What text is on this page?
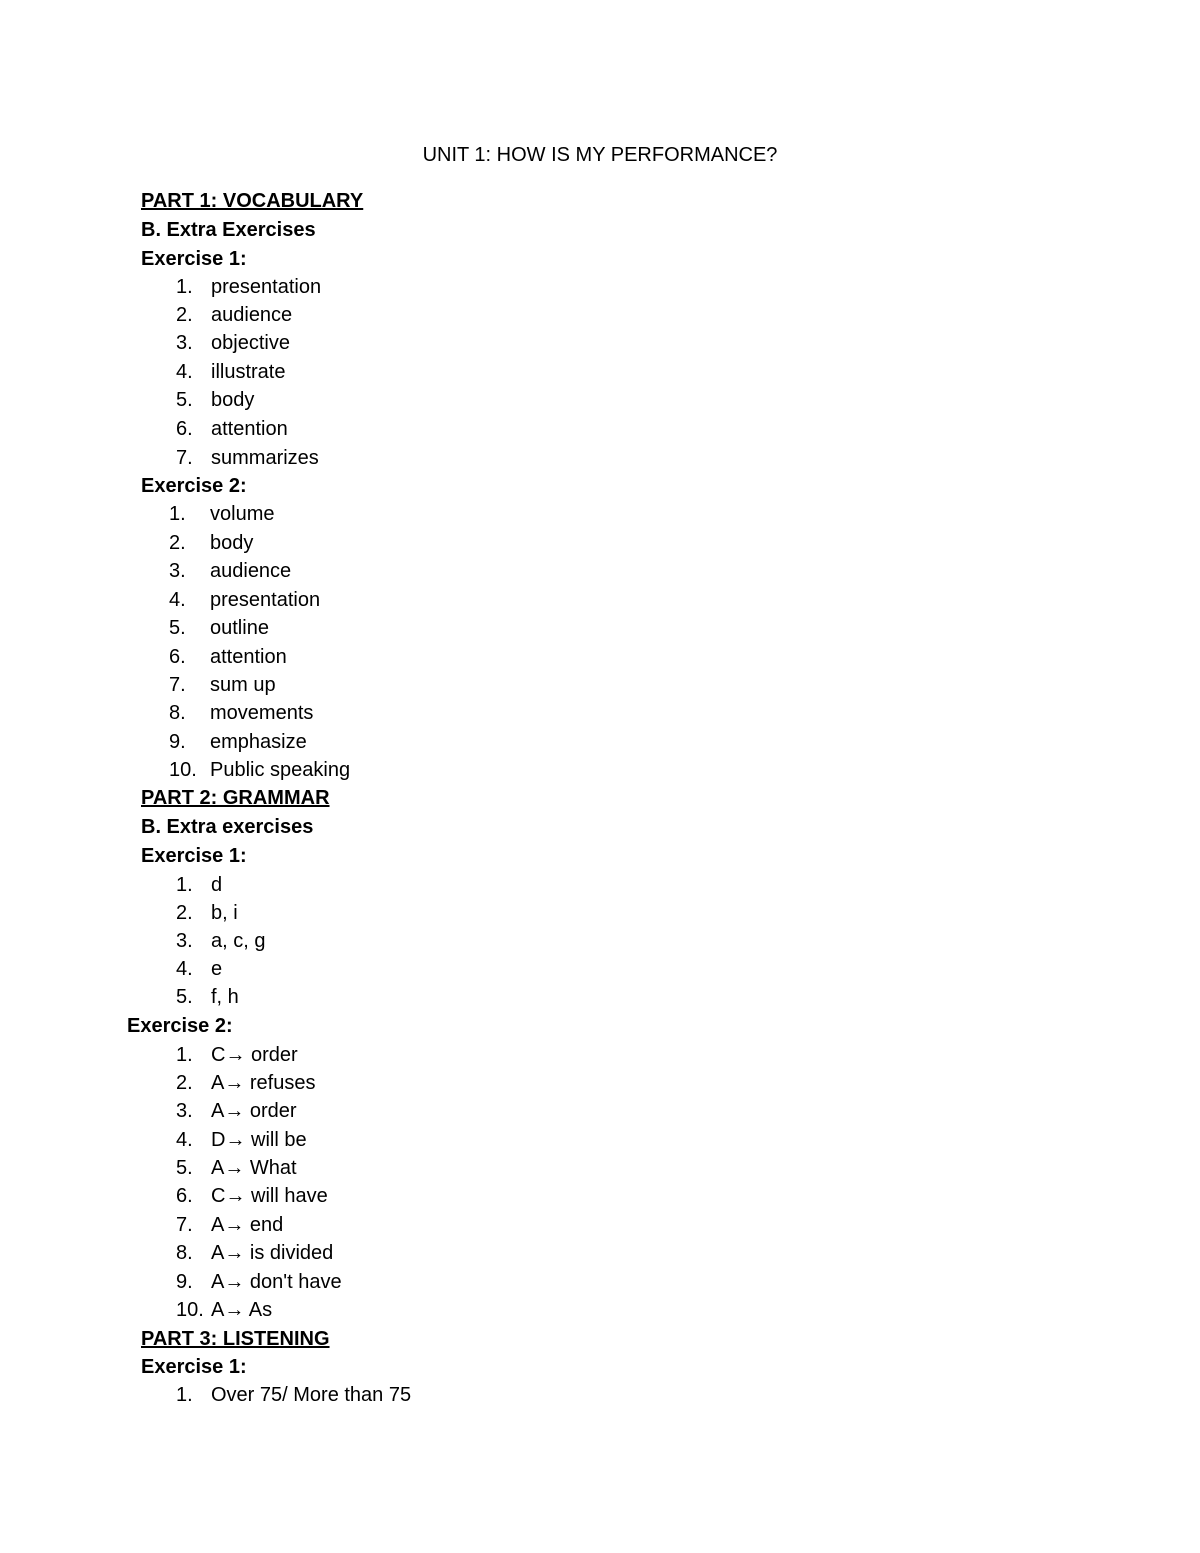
UNIT 1: HOW IS MY PERFORMANCE?
PART 1: VOCABULARY
B. Extra Exercises
Exercise 1:
1. presentation
2. audience
3. objective
4. illustrate
5. body
6. attention
7. summarizes
Exercise 2:
1. volume
2. body
3. audience
4. presentation
5. outline
6. attention
7. sum up
8. movements
9. emphasize
10. Public speaking
PART 2: GRAMMAR
B. Extra exercises
Exercise 1:
1. d
2. b, i
3. a, c, g
4. e
5. f, h
Exercise 2:
1. C→ order
2. A→ refuses
3. A→ order
4. D→ will be
5. A→ What
6. C→ will have
7. A→ end
8. A→ is divided
9. A→ don't have
10. A→ As
PART 3: LISTENING
Exercise 1:
1. Over 75/ More than 75
